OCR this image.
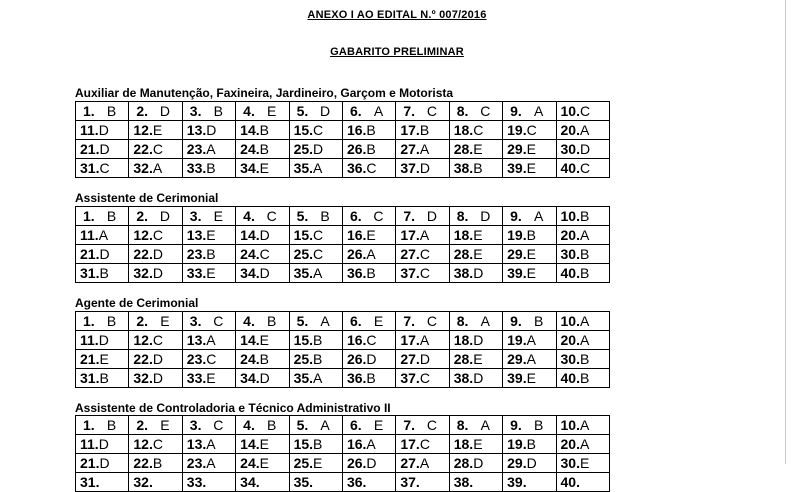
ANEXO I AO EDITAL N.º 007/2016
GABARITO PRELIMINAR
Auxiliar de Manutenção, Faxineira, Jardineiro, Garçom e Motorista
1. B	2. D	3. B	4. E	5. D	6. A	7. C	8. C	9. A	10. C

11. D	12. E	13. D	14. B	15. C	16. B	17. B	18. C	19. C	20. A

21. D	22. C	23. A	24. B	25. D	26. B	27. A	28. E	29. E	30. D

31. C	32. A	33. B	34. E	35. A	36. C	37. D	38. B	39. E	40. C
Assistente de Cerimonial
1. B	2. D	3. E	4. C	5. B	6. C	7. D	8. D	9. A	10. B

11. A	12. C	13. E	14. D	15. C	16. E	17. A	18. E	19. B	20. A

21. D	22. D	23. B	24. C	25. C	26. A	27. C	28. E	29. E	30. B

31. B	32. D	33. E	34. D	35. A	36. B	37. C	38. D	39. E	40. B
Agente de Cerimonial
1. B	2. E	3. C	4. B	5. A	6. E	7. C	8. A	9. B	10. A

11. D	12. C	13. A	14. E	15. B	16. C	17. A	18. D	19. A	20. A

21. E	22. D	23. C	24. B	25. B	26. D	27. D	28. E	29. A	30. B

31. B	32. D	33. E	34. D	35. A	36. B	37. C	38. D	39. E	40. B
Assistente de Controladoria e Técnico Administrativo II
1. B	2. E	3. C	4. B	5. A	6. E	7. C	8. A	9. B	10. A

11. D	12. C	13. A	14. E	15. B	16. A	17. C	18. E	19. B	20. A

21. D	22. B	23. A	24. E	25. E	26. D	27. A	28. D	29. D	30. E

31.	32.	33.	34.	35.	36.	37.	38.	39.	40.
